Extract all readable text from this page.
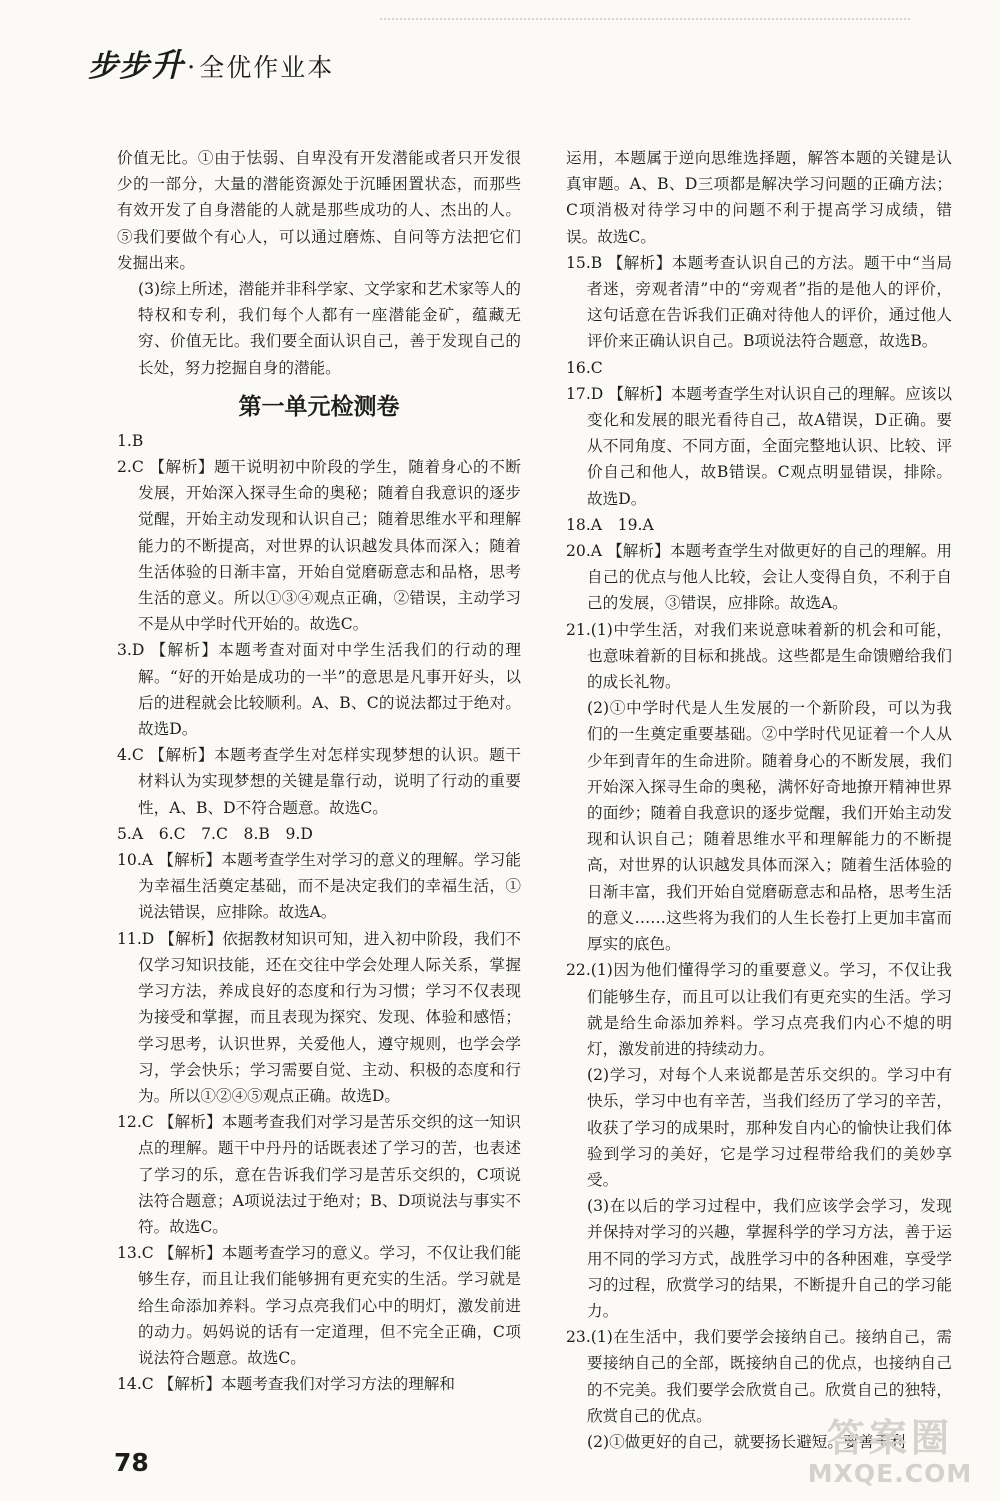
步步 升 · 全优作业本

价值无比。①由于怯弱、自卑没有开发潜能或者只开发很少的一部分，大量的潜能资源处于沉睡困置状态，而那些有效开发了自身潜能的人就是那些成功的人、杰出的人。⑤我们要做个有心人，可以通过磨炼、自问等方法把它们发掘出来。

(3)综上所述，潜能并非科学家、文学家和艺术家等人的特权和专利，我们每个人都有一座潜能金矿，蕴藏无穷、价值无比。我们要全面认识自己，善于发现自己的长处，努力挖掘自身的潜能。

第一单元检测卷

1.B

2.C 【解析】题干说明初中阶段的学生，随着身心的不断发展，开始深入探寻生命的奥秘；随着自我意识的逐步觉醒，开始主动发现和认识自己；随着思维水平和理解能力的不断提高，对世界的认识越发具体而深入；随着生活体验的日渐丰富，开始自觉磨砺意志和品格，思考生活的意义。所以①③④观点正确，②错误，主动学习不是从中学时代开始的。故选C。

3.D 【解析】本题考查对面对中学生活我们的行动的理解。“好的开始是成功的一半”的意思是凡事开好头，以后的进程就会比较顺利。A、B、C的说法都过于绝对。故选D。

4.C 【解析】本题考查学生对怎样实现梦想的认识。题干材料认为实现梦想的关键是靠行动，说明了行动的重要性，A、B、D不符合题意。故选C。

5.A　6.C　7.C　8.B　9.D

10.A 【解析】本题考查学生对学习的意义的理解。学习能为幸福生活奠定基础，而不是决定我们的幸福生活，①说法错误，应排除。故选A。

11.D 【解析】依据教材知识可知，进入初中阶段，我们不仅学习知识技能，还在交往中学会处理人际关系，掌握学习方法，养成良好的态度和行为习惯；学习不仅表现为接受和掌握，而且表现为探究、发现、体验和感悟；学习思考，认识世界，关爱他人，遵守规则，也学会学习，学会快乐；学习需要自觉、主动、积极的态度和行为。所以①②④⑤观点正确。故选D。

12.C 【解析】本题考查我们对学习是苦乐交织的这一知识点的理解。题干中丹丹的话既表述了学习的苦，也表述了学习的乐，意在告诉我们学习是苦乐交织的，C项说法符合题意；A项说法过于绝对；B、D项说法与事实不符。故选C。

13.C 【解析】本题考查学习的意义。学习，不仅让我们能够生存，而且让我们能够拥有更充实的生活。学习就是给生命添加养料。学习点亮我们心中的明灯，激发前进的动力。妈妈说的话有一定道理，但不完全正确，C项说法符合题意。故选C。

14.C 【解析】本题考查我们对学习方法的理解和

运用，本题属于逆向思维选择题，解答本题的关键是认真审题。A、B、D三项都是解决学习问题的正确方法；C项消极对待学习中的问题不利于提高学习成绩，错误。故选C。

15.B 【解析】本题考查认识自己的方法。题干中“当局者迷，旁观者清”中的“旁观者”指的是他人的评价，这句话意在告诉我们正确对待他人的评价，通过他人评价来正确认识自己。B项说法符合题意，故选B。

16.C

17.D 【解析】本题考查学生对认识自己的理解。应该以变化和发展的眼光看待自己，故A错误，D正确。要从不同角度、不同方面，全面完整地认识、比较、评价自己和他人，故B错误。C观点明显错误，排除。故选D。

18.A　19.A

20.A 【解析】本题考查学生对做更好的自己的理解。用自己的优点与他人比较，会让人变得自负，不利于自己的发展，③错误，应排除。故选A。

21.(1)中学生活，对我们来说意味着新的机会和可能，也意味着新的目标和挑战。这些都是生命馈赠给我们的成长礼物。

(2)①中学时代是人生发展的一个新阶段，可以为我们的一生奠定重要基础。②中学时代见证着一个人从少年到青年的生命进阶。随着身心的不断发展，我们开始深入探寻生命的奥秘，满怀好奇地撩开精神世界的面纱；随着自我意识的逐步觉醒，我们开始主动发现和认识自己；随着思维水平和理解能力的不断提高，对世界的认识越发具体而深入；随着生活体验的日渐丰富，我们开始自觉磨砺意志和品格，思考生活的意义……这些将为我们的人生长卷打上更加丰富而厚实的底色。

22.(1)因为他们懂得学习的重要意义。学习，不仅让我们能够生存，而且可以让我们有更充实的生活。学习就是给生命添加养料。学习点亮我们内心不熄的明灯，激发前进的持续动力。

(2)学习，对每个人来说都是苦乐交织的。学习中有快乐，学习中也有辛苦，当我们经历了学习的辛苦，收获了学习的成果时，那种发自内心的愉快让我们体验到学习的美好，它是学习过程带给我们的美妙享受。

(3)在以后的学习过程中，我们应该学会学习，发现并保持对学习的兴趣，掌握科学的学习方法，善于运用不同的学习方式，战胜学习中的各种困难，享受学习的过程，欣赏学习的结果，不断提升自己的学习能力。

23.(1)在生活中，我们要学会接纳自己。接纳自己，需要接纳自己的全部，既接纳自己的优点，也接纳自己的不完美。我们要学会欣赏自己。欣赏自己的独特，欣赏自己的优点。

(2)①做更好的自己，就要扬长避短。要善于利

78
答案圈
MXQE.COM
